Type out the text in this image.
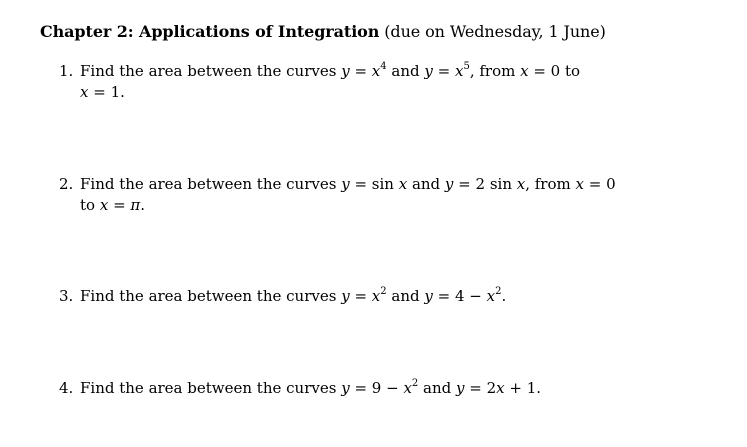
Chapter 2: Applications of Integration (due on Wednesday, 1 June)
1. Find the area between the curves $y = x^4$ and $y = x^5$, from x = 0 to
x = 1.
2. Find the area between the curves y = sin x and y = 2 sin x, from x = 0
to x = π.
3. Find the area between the curves $y = x^2$ and $y = 4 - x^2$.
4. Find the area between the curves $y = 9 - x^2$ and y = 2x + 1.
